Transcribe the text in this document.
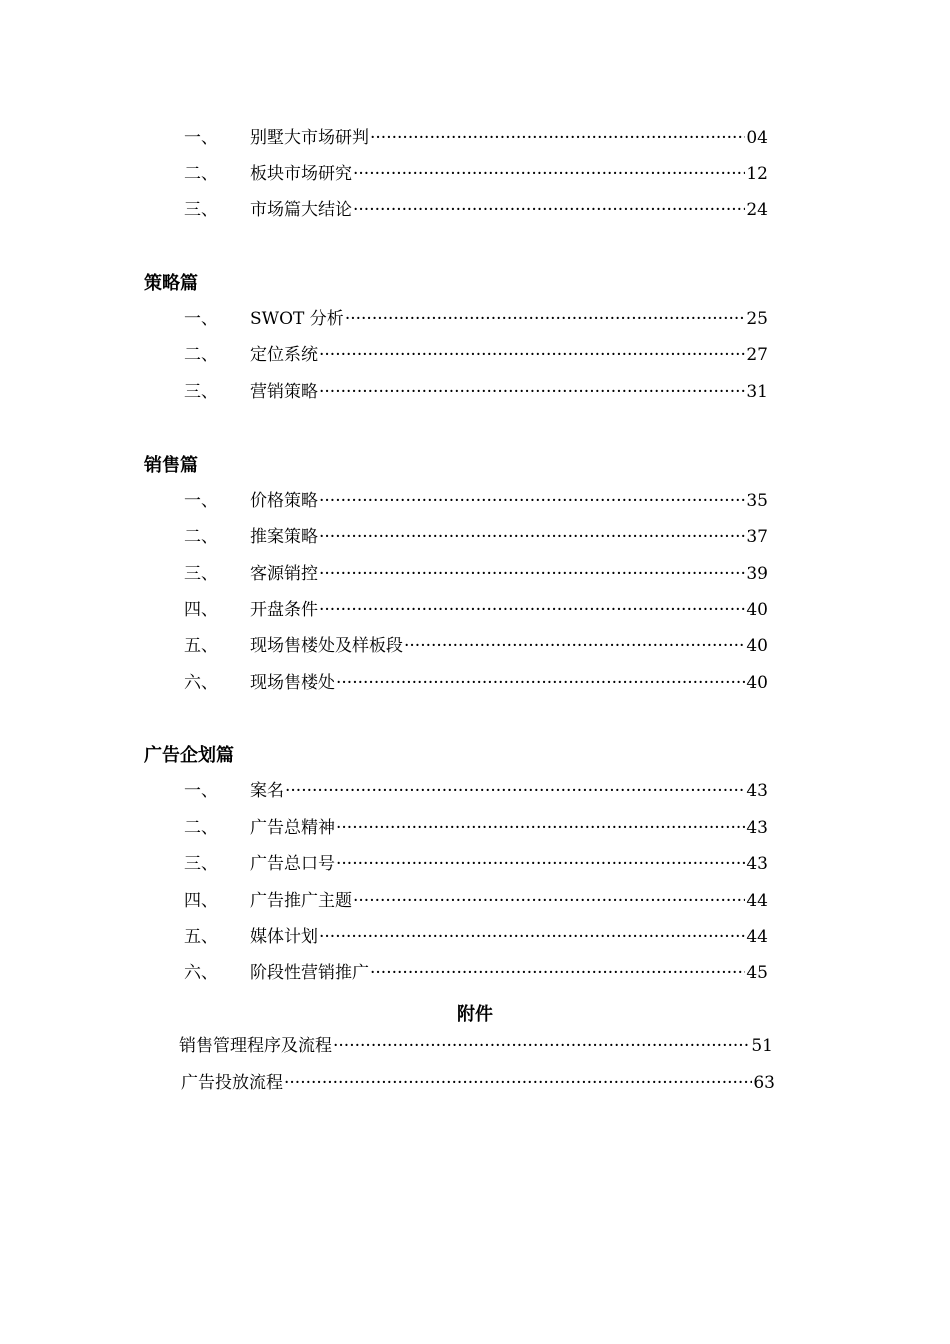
一、	别墅大市场研判 ·····	04
二、	板块市场研究 ·····	12
三、	市场篇大结论 ·····	24
策略篇
一、	SWOT 分析 ·····	25
二、	定位系统 ·····	27
三、	营销策略 ·····	31
销售篇
一、	价格策略 ·····	35
二、	推案策略 ·····	37
三、	客源销控 ·····	39
四、	开盘条件 ·····	40
五、	现场售楼处及样板段 ·····	40
六、	现场售楼处 ·····	40
广告企划篇
一、	案名 ·····	43
二、	广告总精神 ·····	43
三、	广告总口号 ·····	43
四、	广告推广主题 ·····	44
五、	媒体计划 ·····	44
六、	阶段性营销推广 ·····	45
附件
销售管理程序及流程 ·····	51
广告投放流程 ·····	63
